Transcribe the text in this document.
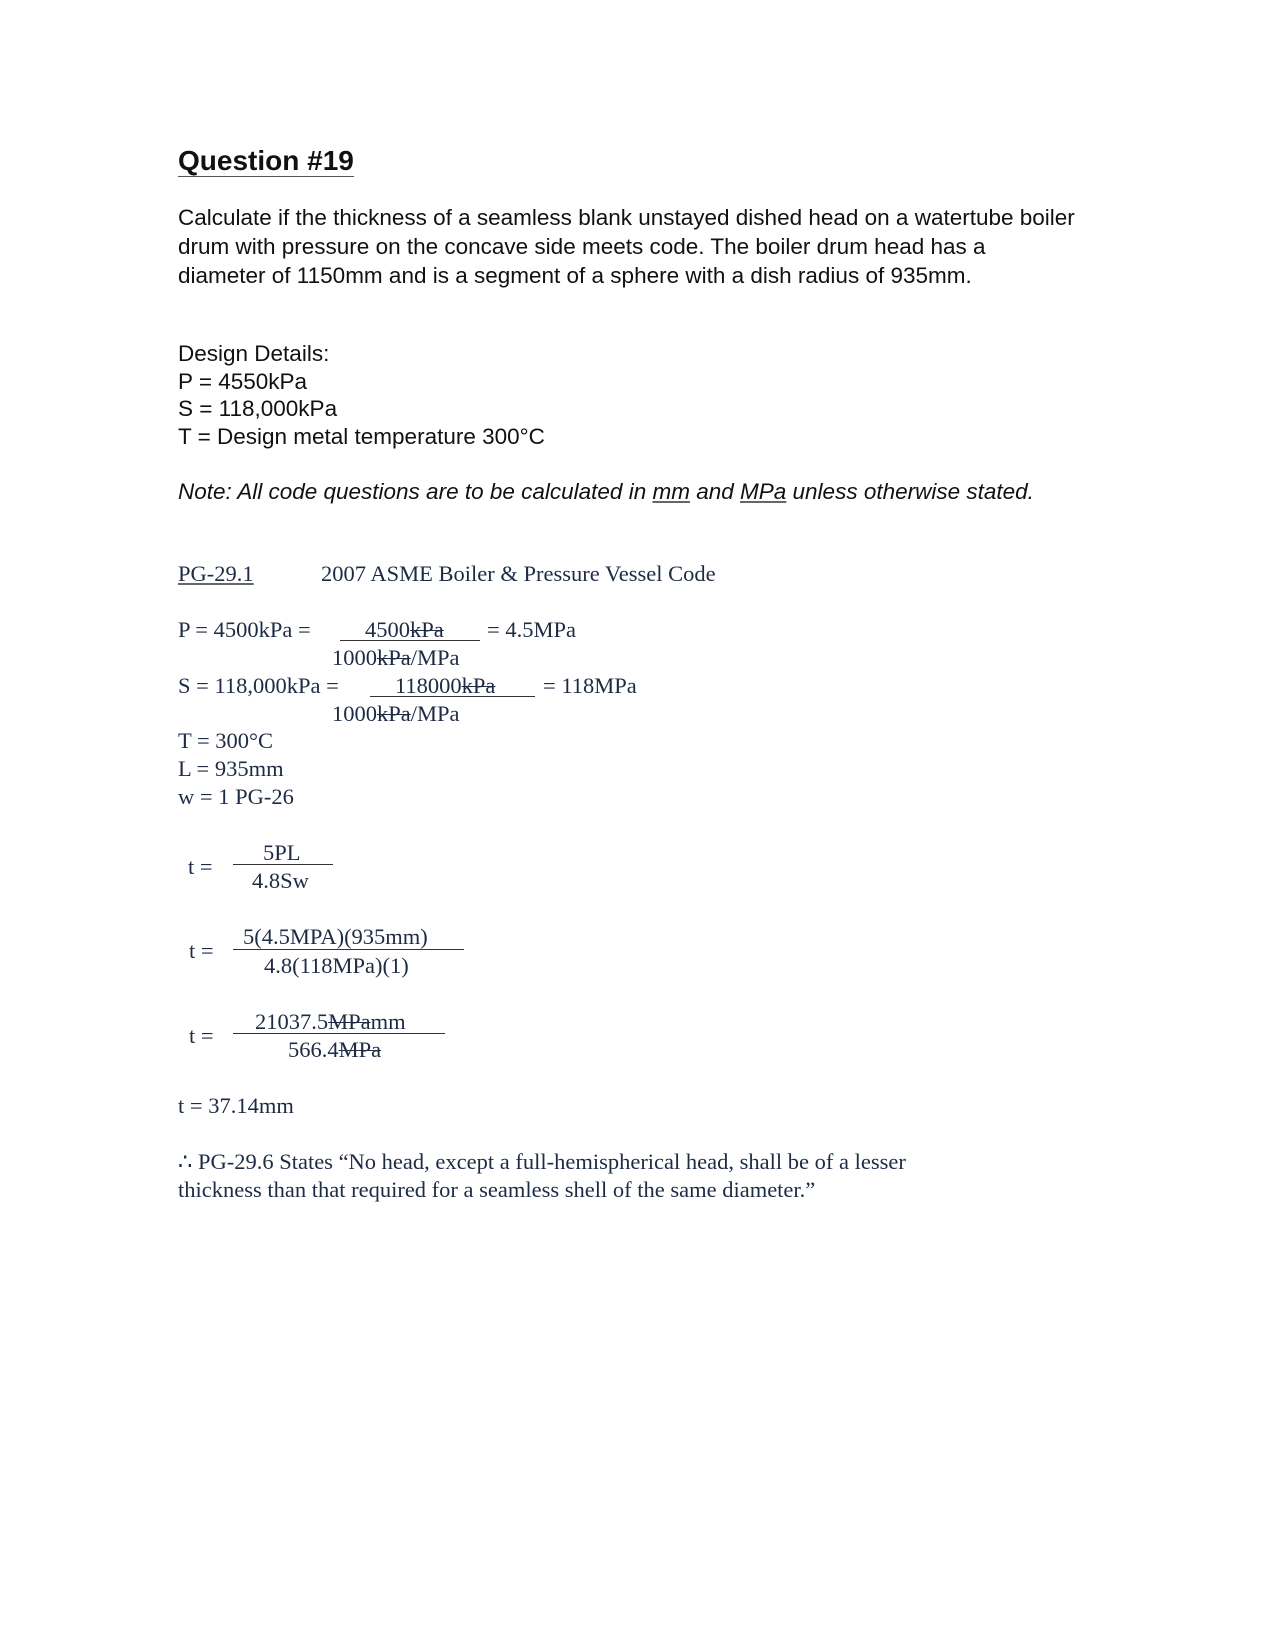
Question #19
Calculate if the thickness of a seamless blank unstayed dished head on a watertube boiler drum with pressure on the concave side meets code. The boiler drum head has a diameter of 1150mm and is a segment of a sphere with a dish radius of 935mm.
Design Details:
P = 4550kPa
S = 118,000kPa
T = Design metal temperature 300°C
Note: All code questions are to be calculated in mm and MPa unless otherwise stated.
PG-29.1	2007 ASME Boiler & Pressure Vessel Code
P = 4500kPa = 4500kPa = 4.5MPa
1000kPa/MPa
S = 118,000kPa = 118000kPa = 118MPa
1000kPa/MPa
T = 300°C
L = 935mm
w = 1 PG-26
t =
5PL
4.8Sw
t =
5(4.5MPA)(935mm)
4.8(118MPa)(1)
t =
21037.5MPamm
566.4MPa
t = 37.14mm
∴ PG-29.6 States “No head, except a full-hemispherical head, shall be of a lesser
thickness than that required for a seamless shell of the same diameter.”
